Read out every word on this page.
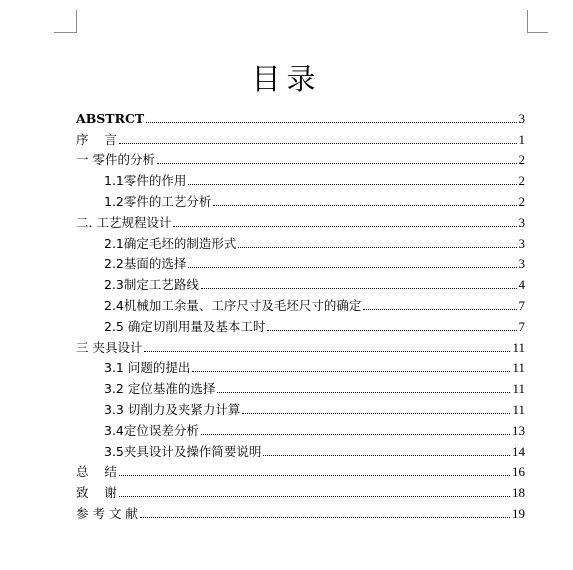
目录
ABSTRCT	3
序    言	1
一 零件的分析	2
1.1零件的作用	2
1.2零件的工艺分析	2
二. 工艺规程设计	3
2.1确定毛坯的制造形式	3
2.2基面的选择	3
2.3制定工艺路线	4
2.4机械加工余量、工序尺寸及毛坯尺寸的确定	7
2.5 确定切削用量及基本工时	7
三 夹具设计	11
3.1 问题的提出	11
3.2 定位基准的选择	11
3.3 切削力及夹紧力计算	11
3.4定位误差分析	13
3.5夹具设计及操作简要说明	14
总    结	16
致    谢	18
参 考 文 献	19
